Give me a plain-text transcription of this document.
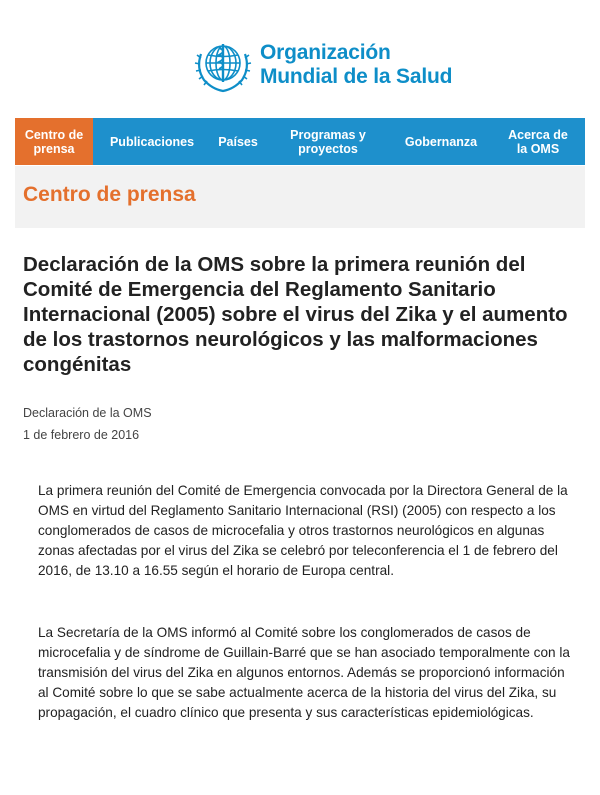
Organización
Mundial de la Salud
Centro de prensa	Publicaciones Países	Programas y proyectos	Gobernanza	Acerca de la OMS
Centro de prensa
Declaración de la OMS sobre la primera reunión del Comité de Emergencia del Reglamento Sanitario Internacional (2005) sobre el virus del Zika y el aumento de los trastornos neurológicos y las malformaciones congénitas
Declaración de la OMS
1 de febrero de 2016

La primera reunión del Comité de Emergencia convocada por la Directora General de la OMS en virtud del Reglamento Sanitario Internacional (RSI) (2005) con respecto a los conglomerados de casos de microcefalia y otros trastornos neurológicos en algunas zonas afectadas por el virus del Zika se celebró por teleconferencia el 1 de febrero del 2016, de 13.10 a 16.55 según el horario de Europa central.

La Secretaría de la OMS informó al Comité sobre los conglomerados de casos de microcefalia y de síndrome de Guillain-Barré que se han asociado temporalmente con la transmisión del virus del Zika en algunos entornos. Además se proporcionó información al Comité sobre lo que se sabe actualmente acerca de la historia del virus del Zika, su propagación, el cuadro clínico que presenta y sus características epidemiológicas.
